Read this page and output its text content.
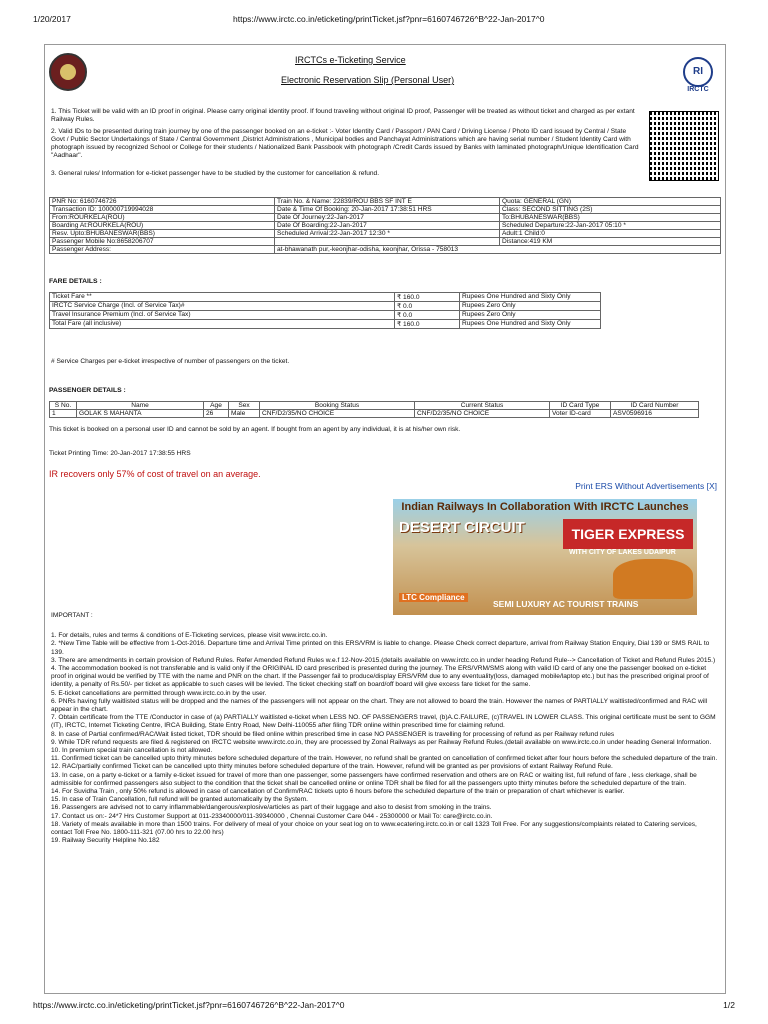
1/20/2017	https://www.irctc.co.in/eticketing/printTicket.jsf?pnr=6160746726^B^22-Jan-2017^0
IRCTCs e-Ticketing Service
Electronic Reservation Slip (Personal User)
RI
IRCTC
1. This Ticket will be valid with an ID proof in original. Please carry original identity proof. If found traveling without original ID proof, Passenger will be treated as without ticket and charged as per extant Railway Rules.
2. Valid IDs to be presented during train journey by one of the passenger booked on an e-ticket :- Voter Identity Card / Passport / PAN Card / Driving License / Photo ID card issued by Central / State Govt / Public Sector Undertakings of State / Central Government ,District Administrations , Municipal bodies and Panchayat Administrations which are having serial number / Student Identity Card with photograph issued by recognized School or College for their students / Nationalized Bank Passbook with photograph /Credit Cards issued by Banks with laminated photograph/Unique Identification Card "Aadhaar".
3. General rules/ Information for e-ticket passenger have to be studied by the customer for cancellation & refund.
PNR No: 6160746726	Train No. & Name: 22839/ROU BBS SF INT E	Quota: GENERAL (GN)
Transaction ID: 100000719994028	Date & Time Of Booking: 20-Jan-2017 17:38:51 HRS	Class: SECOND SITTING (2S)
From:ROURKELA(ROU)	Date Of Journey:22-Jan-2017	To:BHUBANESWAR(BBS)
Boarding At:ROURKELA(ROU)	Date Of Boarding:22-Jan-2017	Scheduled Departure:22-Jan-2017 05:10 *
Resv. Upto:BHUBANESWAR(BBS)	Scheduled Arrival:22-Jan-2017 12:30 *	Adult:1 Child:0
Passenger Mobile No:8658206707		Distance:419 KM
Passenger Address:	at-bhawanath pur,-keonjhar-odisha, keonjhar, Orissa - 758013	
FARE DETAILS :
Ticket Fare **	₹ 160.0	Rupees One Hundred and Sixty Only
IRCTC Service Charge (Incl. of Service Tax)#	₹ 0.0	Rupees Zero Only
Travel Insurance Premium (Incl. of Service Tax)	₹ 0.0	Rupees Zero Only
Total Fare (all inclusive)	₹ 160.0	Rupees One Hundred and Sixty Only
# Service Charges per e-ticket irrespective of number of passengers on the ticket.
PASSENGER DETAILS :
S No.	Name	Age	Sex	Booking Status	Current Status	ID Card Type	ID Card Number
1	GOLAK S MAHANTA	26	Male	CNF/D2/35/NO CHOICE	CNF/D2/35/NO CHOICE	Voter ID-card	ASV0596916
This ticket is booked on a personal user ID and cannot be sold by an agent. If bought from an agent by any individual, it is at his/her own risk.
Ticket Printing Time: 20-Jan-2017 17:38:55 HRS
IR recovers only 57% of cost of travel on an average.
Print ERS Without Advertisements [X]
Indian Railways In Collaboration With IRCTC Launches
DESERT CIRCUIT	TIGER EXPRESS
WITH CITY OF LAKES UDAIPUR
LTC Compliance
SEMI LUXURY AC TOURIST TRAINS
IMPORTANT :
1. For details, rules and terms & conditions of E-Ticketing services, please visit www.irctc.co.in.
2. *New Time Table will be effective from 1-Oct-2016. Departure time and Arrival Time printed on this ERS/VRM is liable to change. Please Check correct departure, arrival from Railway Station Enquiry, Dial 139 or SMS RAIL to 139.
3. There are amendments in certain provision of Refund Rules. Refer Amended Refund Rules w.e.f 12-Nov-2015.(details available on www.irctc.co.in under heading Refund Rule--> Cancellation of Ticket and Refund Rules 2015.)
4. The accommodation booked is not transferable and is valid only if the ORIGINAL ID card prescribed is presented during the journey. The ERS/VRM/SMS along with valid ID card of any one the passenger booked on e-ticket proof in original would be verified by TTE with the name and PNR on the chart. If the Passenger fail to produce/display ERS/VRM due to any eventuality(loss, damaged mobile/laptop etc.) but has the prescribed original proof of identity, a penalty of Rs.50/- per ticket as applicable to such cases will be levied. The ticket checking staff on board/off board will give excess fare ticket for the same.
5. E-ticket cancellations are permitted through www.irctc.co.in by the user.
6. PNRs having fully waitlisted status will be dropped and the names of the passengers will not appear on the chart. They are not allowed to board the train. However the names of PARTIALLY waitlisted/confirmed and RAC will appear in the chart.
7. Obtain certificate from the TTE /Conductor in case of (a) PARTIALLY waitlisted e-ticket when LESS NO. OF PASSENGERS travel, (b)A.C.FAILURE, (c)TRAVEL IN LOWER CLASS. This original certificate must be sent to GGM (IT), IRCTC, Internet Ticketing Centre, IRCA Building, State Entry Road, New Delhi-110055 after filing TDR online within prescribed time for claiming refund.
8. In case of Partial confirmed/RAC/Wait listed ticket, TDR should be filed online within prescribed time in case NO PASSENGER is travelling for processing of refund as per Railway refund rules
9. While TDR refund requests are filed & registered on IRCTC website www.irctc.co.in, they are processed by Zonal Railways as per Railway Refund Rules.(detail available on www.irctc.co.in under heading General Information.
10. In premium special train cancellation is not allowed.
11. Confirmed ticket can be cancelled upto thirty minutes before scheduled departure of the train. However, no refund shall be granted on cancellation of confirmed ticket after four hours before the scheduled departure of the train.
12. RAC/partially confirmed Ticket can be cancelled upto thirty minutes before scheduled departure of the train. However, refund will be granted as per provisions of extant Railway Refund Rule.
13. In case, on a party e-ticket or a family e-ticket issued for travel of more than one passenger, some passengers have confirmed reservation and others are on RAC or waiting list, full refund of fare , less clerkage, shall be admissible for confirmed passengers also subject to the condition that the ticket shall be cancelled online or online TDR shall be filed for all the passengers upto thirty minutes before the scheduled departure of the train.
14. For Suvidha Train , only 50% refund is allowed in case of cancellation of Confirm/RAC tickets upto 6 hours before the scheduled departure of the train or preparation of chart whichever is earlier.
15. In case of Train Cancellation, full refund will be granted automatically by the System.
16. Passengers are advised not to carry inflammable/dangerous/explosive/articles as part of their luggage and also to desist from smoking in the trains.
17. Contact us on:- 24*7 Hrs Customer Support at 011-23340000/011-39340000 , Chennai Customer Care 044 - 25300000 or Mail To: care@irctc.co.in.
18. Variety of meals available in more than 1500 trains. For delivery of meal of your choice on your seat log on to www.ecatering.irctc.co.in or call 1323 Toll Free. For any suggestions/complaints related to Catering services, contact Toll Free No. 1800-111-321 (07.00 hrs to 22.00 hrs)
19. Railway Security Helpline No.182
https://www.irctc.co.in/eticketing/printTicket.jsf?pnr=6160746726^B^22-Jan-2017^0	1/2
